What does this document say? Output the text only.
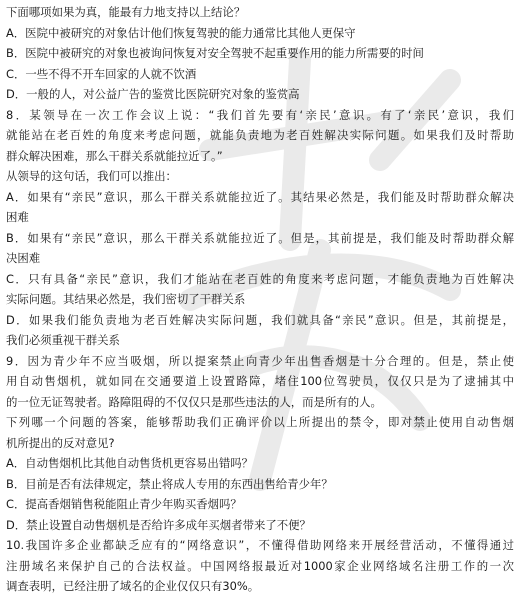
下面哪项如果为真，能最有力地支持以上结论？
A．医院中被研究的对象估计他们恢复驾驶的能力通常比其他人更保守
B．医院中被研究的对象也被询问恢复对安全驾驶不起重要作用的能力所需要的时间
C．一些不得不开车回家的人就不饮酒
D．一般的人，对公益广告的鉴赏比医院研究对象的鉴赏高
8．某领导在一次工作会议上说：“我们首先要有‘亲民’意识。有了‘亲民’意识，我们
就能站在老百姓的角度来考虑问题，就能负责地为老百姓解决实际问题。如果我们及时帮助
群众解决困难，那么干群关系就能拉近了。”
从领导的这句话，我们可以推出：
A．如果有“亲民”意识，那么干群关系就能拉近了。其结果必然是，我们能及时帮助群众解决
困难
B．如果有“亲民”意识，那么干群关系就能拉近了。但是，其前提是，我们能及时帮助群众解
决困难
C．只有具备“亲民”意识，我们才能站在老百姓的角度来考虑问题，才能负责地为百姓解决
实际问题。其结果必然是，我们密切了干群关系
D．如果我们能负责地为老百姓解决实际问题，我们就具备“亲民”意识。但是，其前提是，
我们必须重视干群关系
9．因为青少年不应当吸烟，所以提案禁止向青少年出售香烟是十分合理的。但是，禁止使
用自动售烟机，就如同在交通要道上设置路障，堵住100位驾驶员，仅仅只是为了逮捕其中
的一位无证驾驶者。路障阻碍的不仅仅只是那些违法的人，而是所有的人。
下列哪一个问题的答案，能够帮助我们正确评价以上所提出的禁令，即对禁止使用自动售烟
机所提出的反对意见?
A．自动售烟机比其他自动售货机更容易出错吗？
B．目前是否有法律规定，禁止将成人专用的东西出售给青少年？
C．提高香烟销售税能阻止青少年购买香烟吗？
D．禁止设置自动售烟机是否给许多成年买烟者带来了不便？
10.我国许多企业都缺乏应有的“网络意识”，不懂得借助网络来开展经营活动，不懂得通过
注册域名来保护自己的合法权益。中国网络报最近对1000家企业网络域名注册工作的一次
调查表明，已经注册了域名的企业仅仅只有30%。
